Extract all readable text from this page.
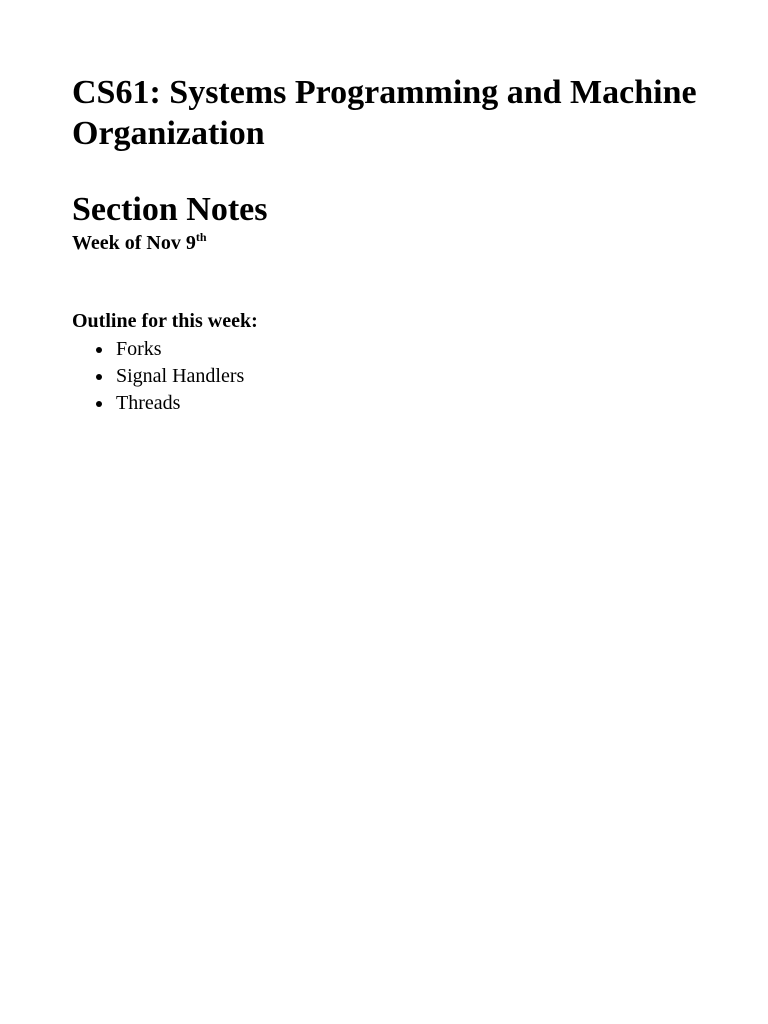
CS61: Systems Programming and Machine Organization
Section Notes
Week of Nov 9th
Outline for this week:
Forks
Signal Handlers
Threads
